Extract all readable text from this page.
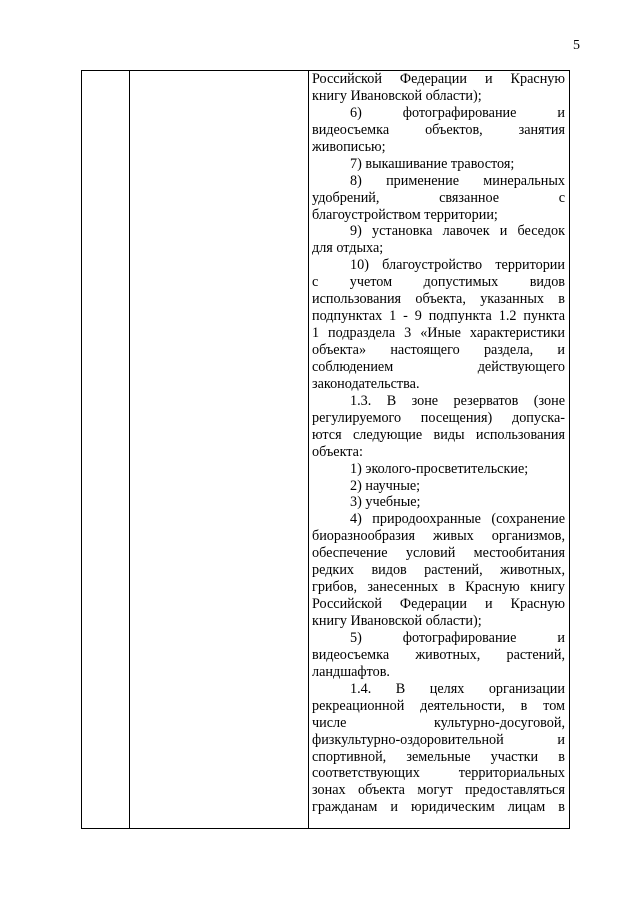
5
Российской Федерации и Красную
книгу Ивановской области);
6) фотографирование и
видеосъемка объектов, занятия
живописью;
7) выкашивание травостоя;
8) применение минеральных
удобрений, связанное с
благоустройством территории;
9) установка лавочек и беседок
для отдыха;
10) благоустройство территории
с учетом допустимых видов
использования объекта, указанных в
подпунктах 1 - 9 подпункта 1.2 пункта
1 подраздела 3 «Иные характеристики
объекта» настоящего раздела, и
соблюдением действующего
законодательства.
1.3. В зоне резерватов (зоне
регулируемого посещения) допуска-
ются следующие виды использования
объекта:
1) эколого-просветительские;
2) научные;
3) учебные;
4) природоохранные (сохранение
биоразнообразия живых организмов,
обеспечение условий местообитания
редких видов растений, животных,
грибов, занесенных в Красную книгу
Российской Федерации и Красную
книгу Ивановской области);
5) фотографирование и
видеосъемка животных, растений,
ландшафтов.
1.4. В целях организации
рекреационной деятельности, в том
числе культурно-досуговой,
физкультурно-оздоровительной и
спортивной, земельные участки в
соответствующих территориальных
зонах объекта могут предоставляться
гражданам и юридическим лицам в
